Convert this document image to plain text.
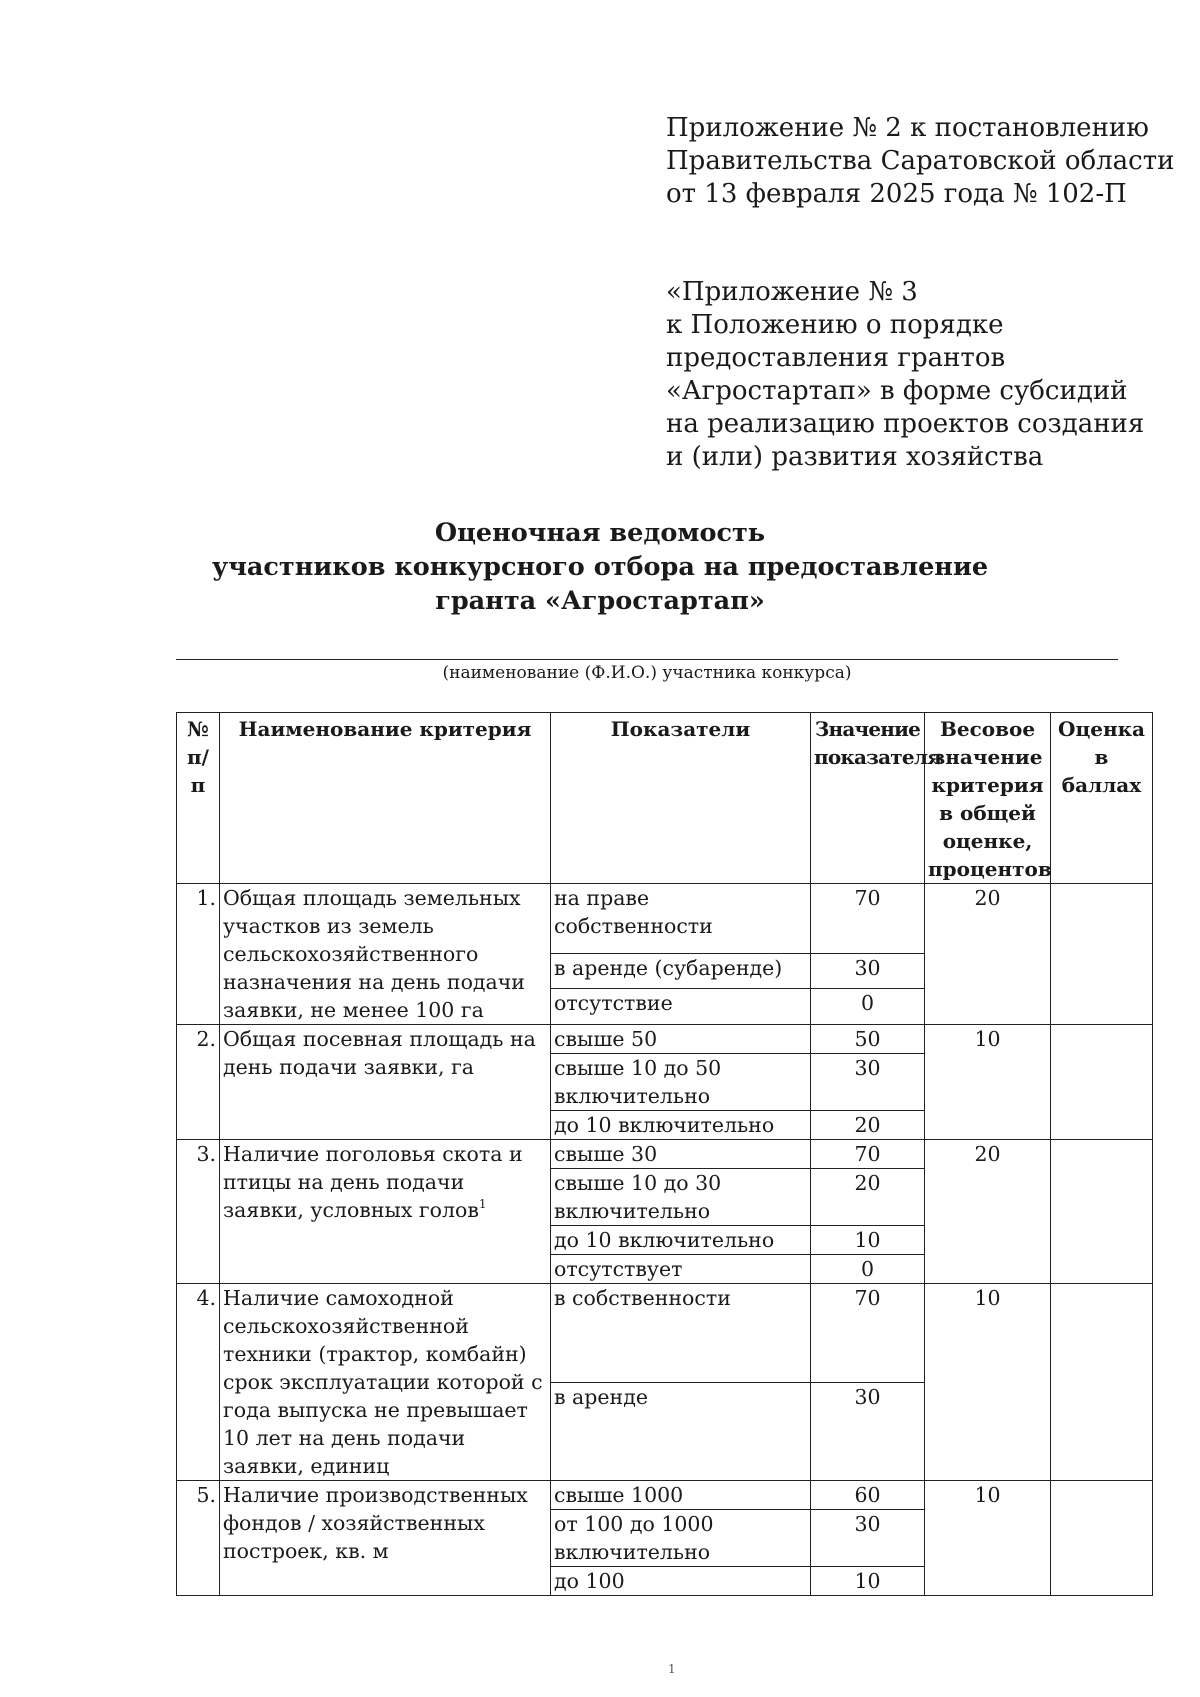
Приложение № 2 к постановлению
Правительства Саратовской области
от 13 февраля 2025 года № 102-П
«Приложение № 3
к Положению о порядке
предоставления грантов
«Агростартап» в форме субсидий
на реализацию проектов создания
и (или) развития хозяйства
Оценочная ведомость
участников конкурсного отбора на предоставление
гранта «Агростартап»
(наименование (Ф.И.О.) участника конкурса)
№ п/п	Наименование критерия	Показатели	Значение показателя	Весовое значение критерия в общей оценке, процентов	Оценка в баллах
1.	Общая площадь земельных участков из земель сельскохозяйственного назначения на день подачи заявки, не менее 100 га	на праве собственности	70	20	
		в аренде (субаренде)	30		
		отсутствие	0		
2.	Общая посевная площадь на день подачи заявки, га	свыше 50	50	10	
		свыше 10 до 50 включительно	30		
		до 10 включительно	20		
3.	Наличие поголовья скота и птицы на день подачи заявки, условных голов$^1$	свыше 30	70	20	
		свыше 10 до 30 включительно	20		
		до 10 включительно	10		
		отсутствует	0		
4.	Наличие самоходной сельскохозяйственной техники (трактор, комбайн) срок эксплуатации которой с года выпуска не превышает 10 лет на день подачи заявки, единиц	в собственности	70	10	
		в аренде	30		
5.	Наличие производственных фондов / хозяйственных построек, кв. м	свыше 1000	60	10	
		от 100 до 1000 включительно	30		
		до 100	10		
1
